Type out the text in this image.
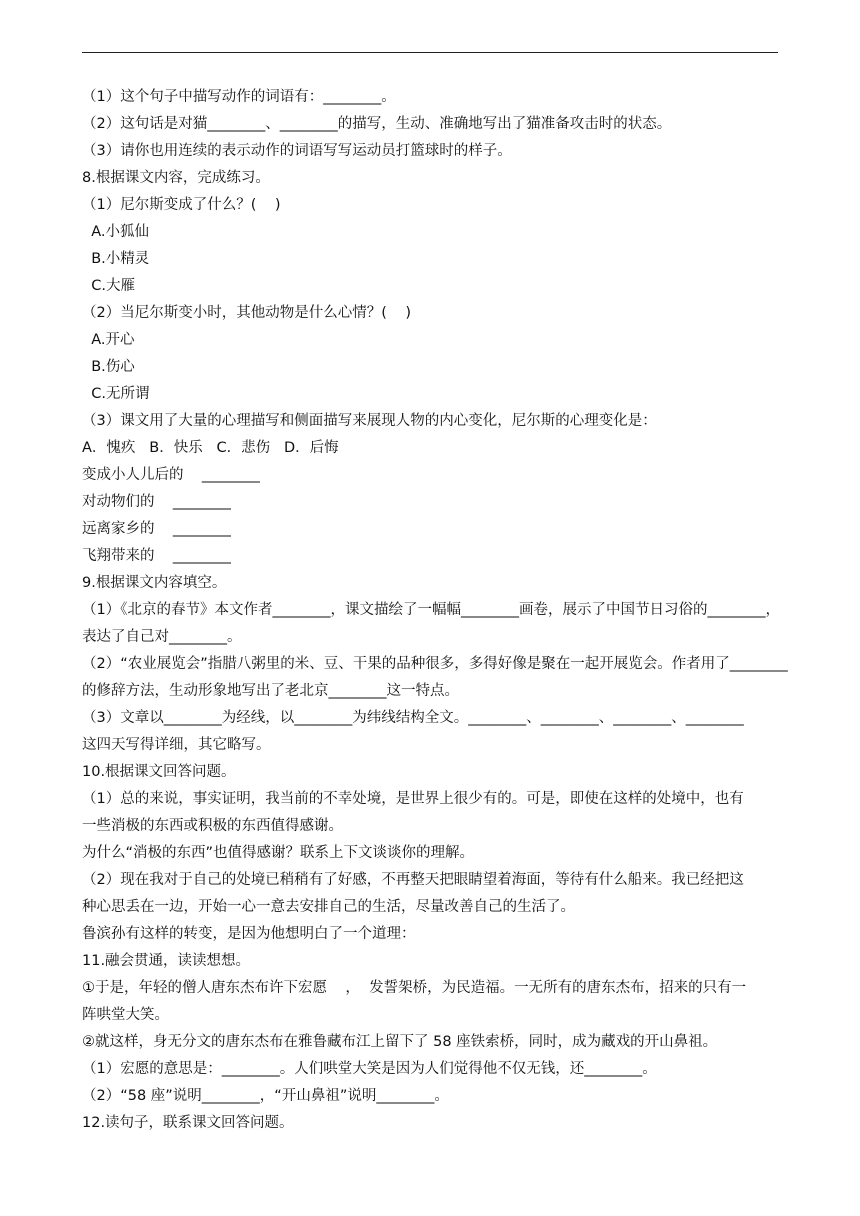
（1）这个句子中描写动作的词语有：________。
（2）这句话是对猫________、________的描写，生动、准确地写出了猫准备攻击时的状态。
（3）请你也用连续的表示动作的词语写写运动员打篮球时的样子。
8.根据课文内容，完成练习。
（1）尼尔斯变成了什么？(    )
A.小狐仙
B.小精灵
C.大雁
（2）当尼尔斯变小时，其他动物是什么心情？(    )
A.开心
B.伤心
C.无所谓
（3）课文用了大量的心理描写和侧面描写来展现人物的内心变化，尼尔斯的心理变化是：
A．愧疚   B．快乐   C．悲伤   D．后悔
变成小人儿后的    ________
对动物们的    ________
远离家乡的    ________
飞翔带来的    ________
9.根据课文内容填空。
（1）《北京的春节》本文作者________，课文描绘了一幅幅________画卷，展示了中国节日习俗的________，
表达了自己对________。
（2）“农业展览会”指腊八粥里的米、豆、干果的品种很多，多得好像是聚在一起开展览会。作者用了________
的修辞方法，生动形象地写出了老北京________这一特点。
（3）文章以________为经线，以________为纬线结构全文。________、________、________、________
这四天写得详细，其它略写。
10.根据课文回答问题。
（1）总的来说，事实证明，我当前的不幸处境，是世界上很少有的。可是，即使在这样的处境中，也有
一些消极的东西或积极的东西值得感谢。
为什么“消极的东西”也值得感谢？联系上下文谈谈你的理解。
（2）现在我对于自己的处境已稍稍有了好感，不再整天把眼睛望着海面，等待有什么船来。我已经把这
种心思丢在一边，开始一心一意去安排自己的生活，尽量改善自己的生活了。
鲁滨孙有这样的转变，是因为他想明白了一个道理：
11.融会贯通，读读想想。
①于是，年轻的僧人唐东杰布许下宏愿    ，  发誓架桥，为民造福。一无所有的唐东杰布，招来的只有一
阵哄堂大笑。
②就这样，身无分文的唐东杰布在雅鲁藏布江上留下了 58 座铁索桥，同时，成为藏戏的开山鼻祖。
（1）宏愿的意思是：________。人们哄堂大笑是因为人们觉得他不仅无钱，还________。
（2）“58 座”说明________，“开山鼻祖”说明________。
12.读句子，联系课文回答问题。
